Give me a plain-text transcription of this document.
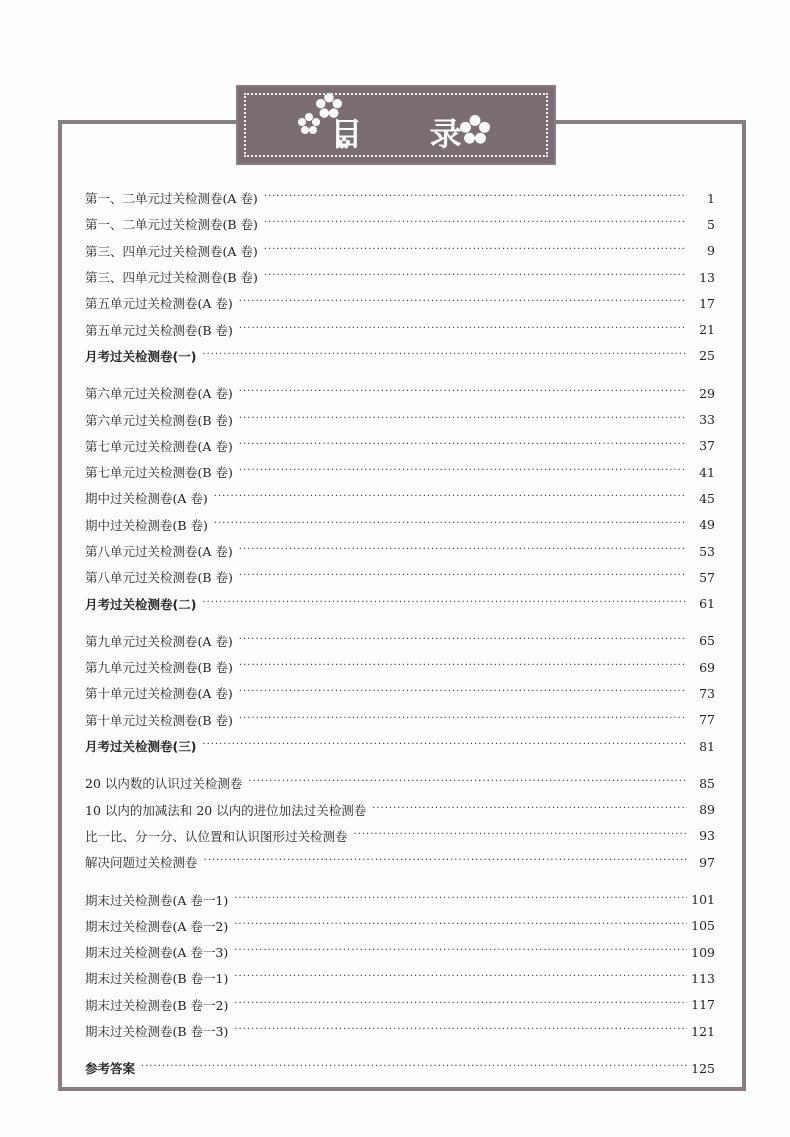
目 录
第一、二单元过关检测卷(A 卷) ·····	1
第一、二单元过关检测卷(B 卷) ·····	5
第三、四单元过关检测卷(A 卷) ·····	9
第三、四单元过关检测卷(B 卷) ·····	13
第五单元过关检测卷(A 卷) ·····	17
第五单元过关检测卷(B 卷) ·····	21
月考过关检测卷(一) ·····	25
第六单元过关检测卷(A 卷) ·····	29
第六单元过关检测卷(B 卷) ·····	33
第七单元过关检测卷(A 卷) ·····	37
第七单元过关检测卷(B 卷) ·····	41
期中过关检测卷(A 卷) ·····	45
期中过关检测卷(B 卷) ·····	49
第八单元过关检测卷(A 卷) ·····	53
第八单元过关检测卷(B 卷) ·····	57
月考过关检测卷(二) ·····	61
第九单元过关检测卷(A 卷) ·····	65
第九单元过关检测卷(B 卷) ·····	69
第十单元过关检测卷(A 卷) ·····	73
第十单元过关检测卷(B 卷) ·····	77
月考过关检测卷(三) ·····	81
20 以内数的认识过关检测卷 ·····	85
10 以内的加减法和 20 以内的进位加法过关检测卷 ·····	89
比一比、分一分、认位置和认识图形过关检测卷 ·····	93
解决问题过关检测卷 ·····	97
期末过关检测卷(A 卷一1) ·····	101
期末过关检测卷(A 卷一2) ·····	105
期末过关检测卷(A 卷一3) ·····	109
期末过关检测卷(B 卷一1) ·····	113
期末过关检测卷(B 卷一2) ·····	117
期末过关检测卷(B 卷一3) ·····	121
参考答案 ·····	125
